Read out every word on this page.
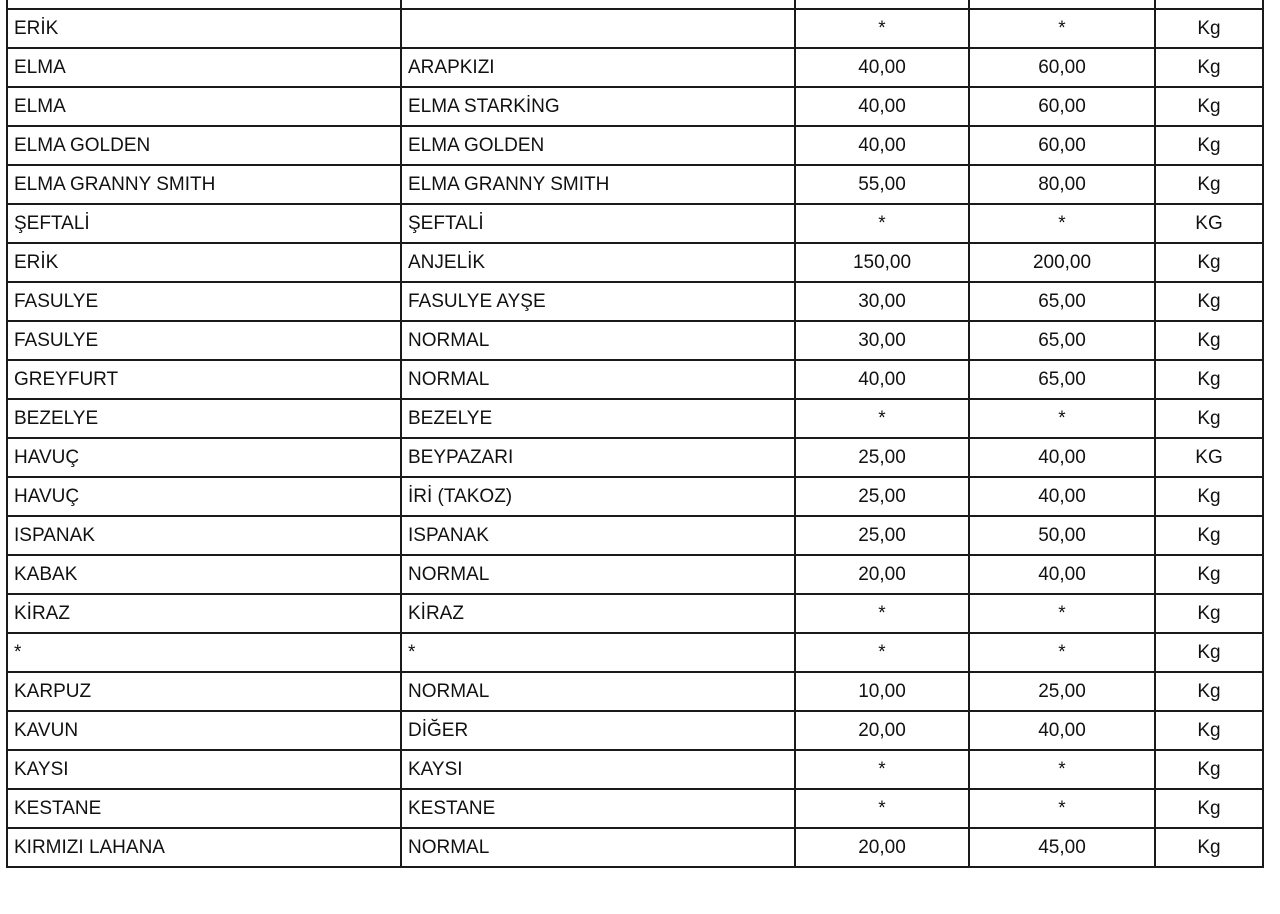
ERİK		*	*	Kg
ELMA	ARAPKIZI	40,00	60,00	Kg
ELMA	ELMA STARKİNG	40,00	60,00	Kg
ELMA GOLDEN	ELMA GOLDEN	40,00	60,00	Kg
ELMA GRANNY SMITH	ELMA GRANNY SMITH	55,00	80,00	Kg
ŞEFTALİ	ŞEFTALİ	*	*	KG
ERİK	ANJELİK	150,00	200,00	Kg
FASULYE	FASULYE AYŞE	30,00	65,00	Kg
FASULYE	NORMAL	30,00	65,00	Kg
GREYFURT	NORMAL	40,00	65,00	Kg
BEZELYE	BEZELYE	*	*	Kg
HAVUÇ	BEYPAZARI	25,00	40,00	KG
HAVUÇ	İRİ (TAKOZ)	25,00	40,00	Kg
ISPANAK	ISPANAK	25,00	50,00	Kg
KABAK	NORMAL	20,00	40,00	Kg
KİRAZ	KİRAZ	*	*	Kg
*	*	*	*	Kg
KARPUZ	NORMAL	10,00	25,00	Kg
KAVUN	DİĞER	20,00	40,00	Kg
KAYSI	KAYSI	*	*	Kg
KESTANE	KESTANE	*	*	Kg
KIRMIZI LAHANA	NORMAL	20,00	45,00	Kg
